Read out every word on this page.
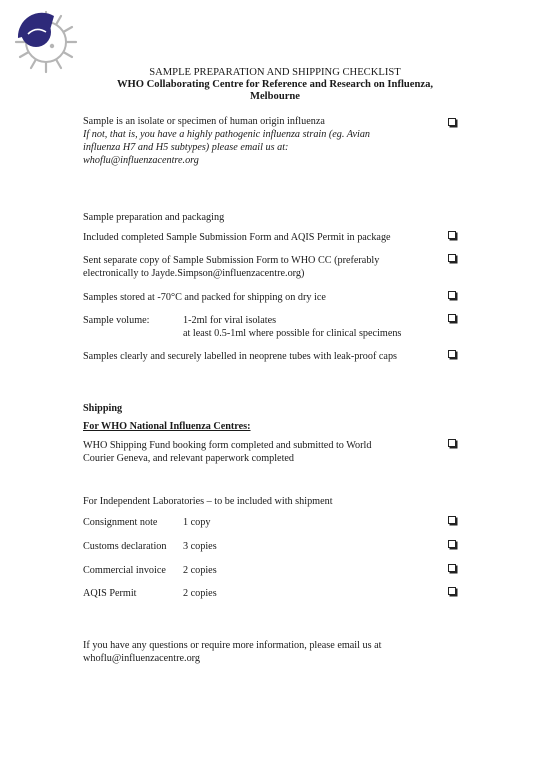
SAMPLE PREPARATION AND SHIPPING CHECKLIST
WHO Collaborating Centre for Reference and Research on Influenza,
Melbourne
Sample is an isolate or specimen of human origin influenza
If not, that is, you have a highly pathogenic influenza strain (eg. Avian
influenza H7 and H5 subtypes) please email us at:
whoflu@influenzacentre.org
Sample preparation and packaging
Included completed Sample Submission Form and AQIS Permit in package
Sent separate copy of Sample Submission Form to WHO CC (preferably
electronically to Jayde.Simpson@influenzacentre.org)
Samples stored at -70°C and packed for shipping on dry ice
Sample volume:	1-2ml for viral isolates
at least 0.5-1ml where possible for clinical specimens
Samples clearly and securely labelled in neoprene tubes with leak-proof caps
Shipping
For WHO National Influenza Centres:
WHO Shipping Fund booking form completed and submitted to World
Courier Geneva, and relevant paperwork completed
For Independent Laboratories – to be included with shipment
Consignment note	1 copy
Customs declaration 3 copies
Commercial invoice 2 copies
AQIS Permit	2 copies
If you have any questions or require more information, please email us at
whoflu@influenzacentre.org
